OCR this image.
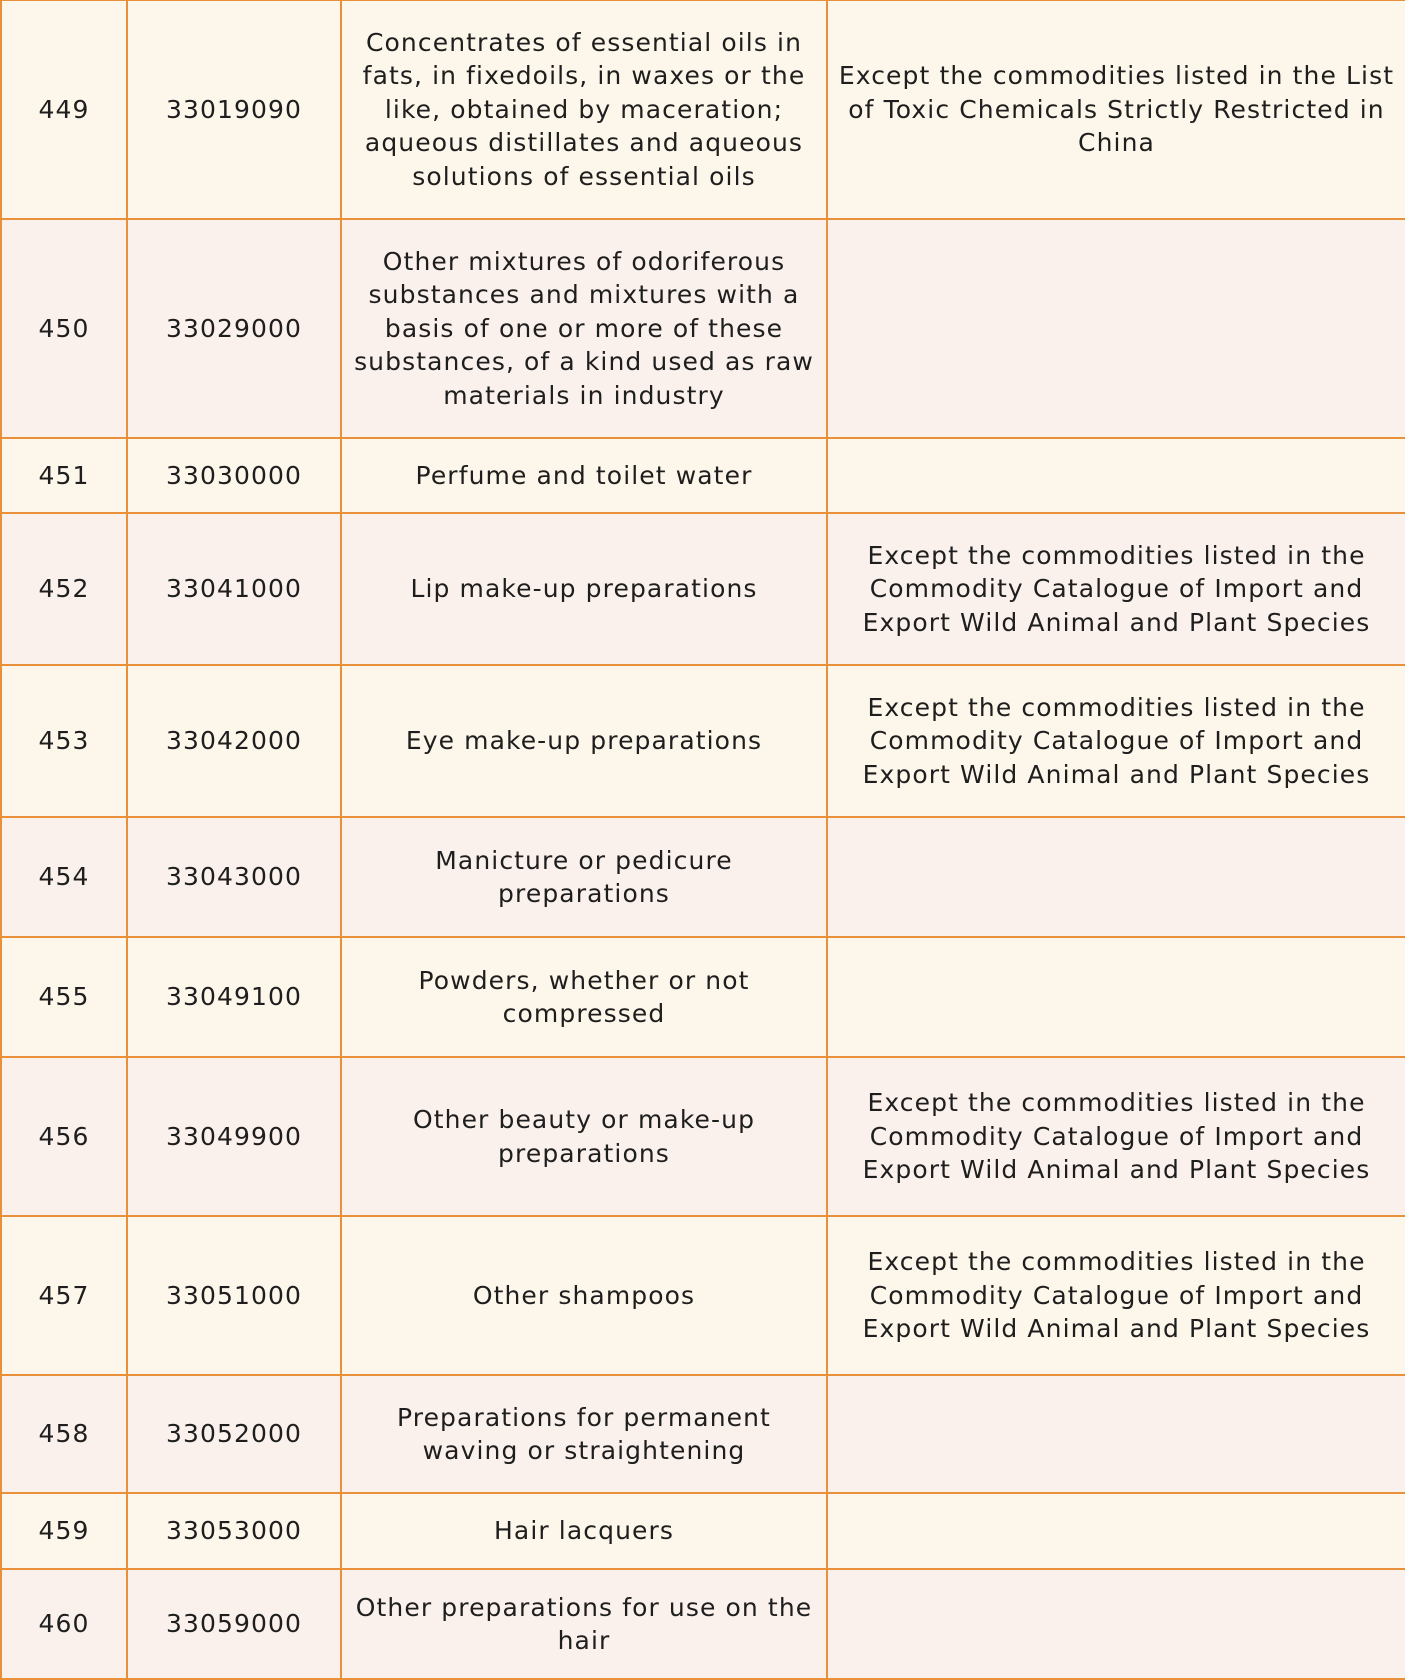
449	33019090	Concentrates of essential oils in fats, in fixedoils, in waxes or the like, obtained by maceration; aqueous distillates and aqueous solutions of essential oils	Except the commodities listed in the List of Toxic Chemicals Strictly Restricted in China
450	33029000	Other mixtures of odoriferous substances and mixtures with a basis of one or more of these substances, of a kind used as raw materials in industry	
451	33030000	Perfume and toilet water	
452	33041000	Lip make-up preparations	Except the commodities listed in the Commodity Catalogue of Import and Export Wild Animal and Plant Species
453	33042000	Eye make-up preparations	Except the commodities listed in the Commodity Catalogue of Import and Export Wild Animal and Plant Species
454	33043000	Manicture or pedicure preparations	
455	33049100	Powders, whether or not compressed	
456	33049900	Other beauty or make-up preparations	Except the commodities listed in the Commodity Catalogue of Import and Export Wild Animal and Plant Species
457	33051000	Other shampoos	Except the commodities listed in the Commodity Catalogue of Import and Export Wild Animal and Plant Species
458	33052000	Preparations for permanent waving or straightening	
459	33053000	Hair lacquers	
460	33059000	Other preparations for use on the hair	
